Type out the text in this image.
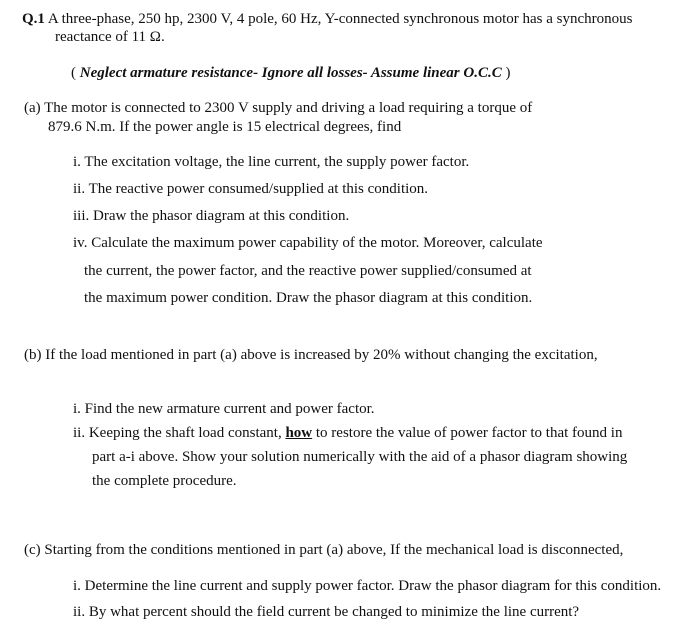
Q.1 A three-phase, 250 hp, 2300 V, 4 pole, 60 Hz, Y-connected synchronous motor has a synchronous
reactance of 11 Ω.
( Neglect armature resistance- Ignore all losses- Assume linear O.C.C )
(a) The motor is connected to 2300 V supply and driving a load requiring a torque of
879.6 N.m. If the power angle is 15 electrical degrees, find
i. The excitation voltage, the line current, the supply power factor.
ii. The reactive power consumed/supplied at this condition.
iii. Draw the phasor diagram at this condition.
iv. Calculate the maximum power capability of the motor. Moreover, calculate
the current, the power factor, and the reactive power supplied/consumed at
the maximum power condition. Draw the phasor diagram at this condition.
(b) If the load mentioned in part (a) above is increased by 20% without changing the excitation,
i. Find the new armature current and power factor.
ii. Keeping the shaft load constant, how to restore the value of power factor to that found in
part a-i above. Show your solution numerically with the aid of a phasor diagram showing
the complete procedure.
(c) Starting from the conditions mentioned in part (a) above, If the mechanical load is disconnected,
i. Determine the line current and supply power factor. Draw the phasor diagram for this condition.
ii. By what percent should the field current be changed to minimize the line current?
